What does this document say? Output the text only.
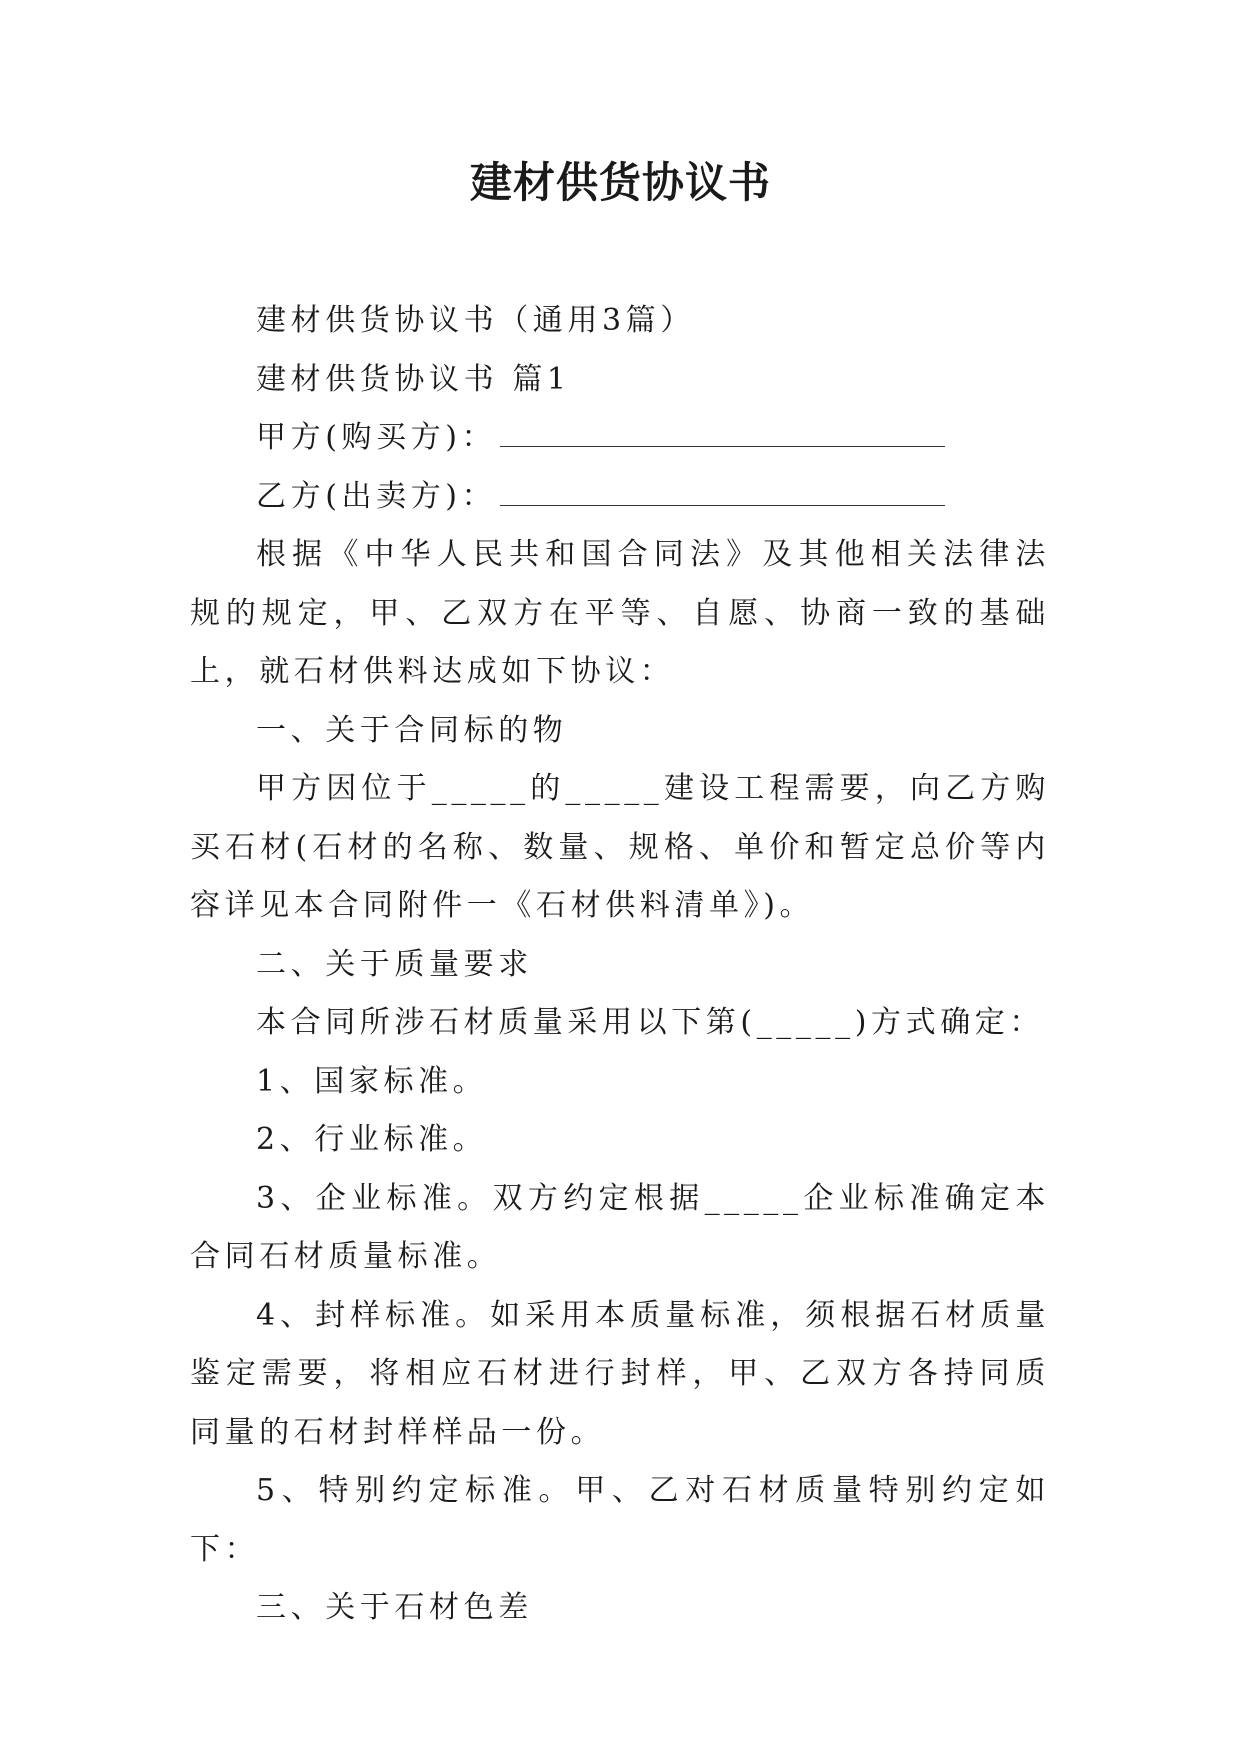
建材供货协议书

建材供货协议书（通用3篇）

建材供货协议书 篇1

甲方(购买方)：

乙方(出卖方)：

根据《中华人民共和国合同法》及其他相关法律法规的规定，甲、乙双方在平等、自愿、协商一致的基础上，就石材供料达成如下协议：

一、关于合同标的物

甲方因位于_____的_____建设工程需要，向乙方购买石材(石材的名称、数量、规格、单价和暂定总价等内容详见本合同附件一《石材供料清单》)。

二、关于质量要求

本合同所涉石材质量采用以下第(_____)方式确定：

1、国家标准。

2、行业标准。

3、企业标准。双方约定根据_____企业标准确定本合同石材质量标准。

4、封样标准。如采用本质量标准，须根据石材质量鉴定需要，将相应石材进行封样，甲、乙双方各持同质同量的石材封样样品一份。

5、特别约定标准。甲、乙对石材质量特别约定如下：

三、关于石材色差
